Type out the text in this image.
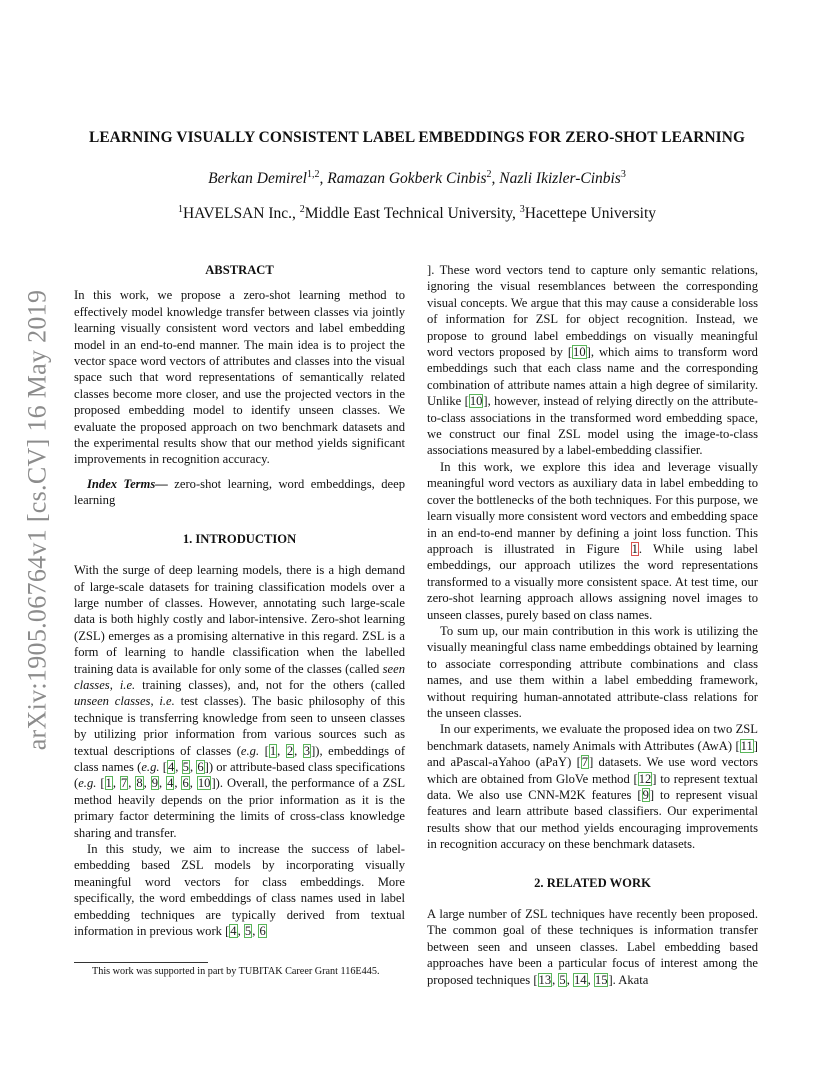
arXiv:1905.06764v1 [cs.CV] 16 May 2019
LEARNING VISUALLY CONSISTENT LABEL EMBEDDINGS FOR ZERO-SHOT LEARNING
Berkan Demirel$^{1,2}$, Ramazan Gokberk Cinbis$^2$, Nazli Ikizler-Cinbis$^3$
$^1$HAVELSAN Inc., $^2$Middle East Technical University, $^3$Hacettepe University

ABSTRACT

In this work, we propose a zero-shot learning method to effectively model knowledge transfer between classes via jointly learning visually consistent word vectors and label embedding model in an end-to-end manner. The main idea is to project the vector space word vectors of attributes and classes into the visual space such that word representations of semantically related classes become more closer, and use the projected vectors in the proposed embedding model to identify unseen classes. We evaluate the proposed approach on two benchmark datasets and the experimental results show that our method yields significant improvements in recognition accuracy.

Index Terms— zero-shot learning, word embeddings, deep learning

1. INTRODUCTION

With the surge of deep learning models, there is a high demand of large-scale datasets for training classification models over a large number of classes. However, annotating such large-scale data is both highly costly and labor-intensive. Zero-shot learning (ZSL) emerges as a promising alternative in this regard. ZSL is a form of learning to handle classification when the labelled training data is available for only some of the classes (called seen classes, i.e. training classes), and, not for the others (called unseen classes, i.e. test classes). The basic philosophy of this technique is transferring knowledge from seen to unseen classes by utilizing prior information from various sources such as textual descriptions of classes (e.g. [1, 2, 3]), embeddings of class names (e.g. [4, 5, 6]) or attribute-based class specifications (e.g. [1, 7, 8, 9, 4, 6, 10]). Overall, the performance of a ZSL method heavily depends on the prior information as it is the primary factor determining the limits of cross-class knowledge sharing and transfer.

In this study, we aim to increase the success of label-embedding based ZSL models by incorporating visually meaningful word vectors for class embeddings. More specifically, the word embeddings of class names used in label embedding techniques are typically derived from textual information in previous work [4, 5, 6

]. These word vectors tend to capture only semantic relations, ignoring the visual resemblances between the corresponding visual concepts. We argue that this may cause a considerable loss of information for ZSL for object recognition. Instead, we propose to ground label embeddings on visually meaningful word vectors proposed by [10], which aims to transform word embeddings such that each class name and the corresponding combination of attribute names attain a high degree of similarity. Unlike [10], however, instead of relying directly on the attribute-to-class associations in the transformed word embedding space, we construct our final ZSL model using the image-to-class associations measured by a label-embedding classifier.

In this work, we explore this idea and leverage visually meaningful word vectors as auxiliary data in label embedding to cover the bottlenecks of the both techniques. For this purpose, we learn visually more consistent word vectors and embedding space in an end-to-end manner by defining a joint loss function. This approach is illustrated in Figure 1. While using label embeddings, our approach utilizes the word representations transformed to a visually more consistent space. At test time, our zero-shot learning approach allows assigning novel images to unseen classes, purely based on class names.

To sum up, our main contribution in this work is utilizing the visually meaningful class name embeddings obtained by learning to associate corresponding attribute combinations and class names, and use them within a label embedding framework, without requiring human-annotated attribute-class relations for the unseen classes.

In our experiments, we evaluate the proposed idea on two ZSL benchmark datasets, namely Animals with Attributes (AwA) [11] and aPascal-aYahoo (aPaY) [7] datasets. We use word vectors which are obtained from GloVe method [12] to represent textual data. We also use CNN-M2K features [9] to represent visual features and learn attribute based classifiers. Our experimental results show that our method yields encouraging improvements in recognition accuracy on these benchmark datasets.

2. RELATED WORK

A large number of ZSL techniques have recently been proposed. The common goal of these techniques is information transfer between seen and unseen classes. Label embedding based approaches have been a particular focus of interest among the proposed techniques [13, 5, 14, 15]. Akata

This work was supported in part by TUBITAK Career Grant 116E445.
